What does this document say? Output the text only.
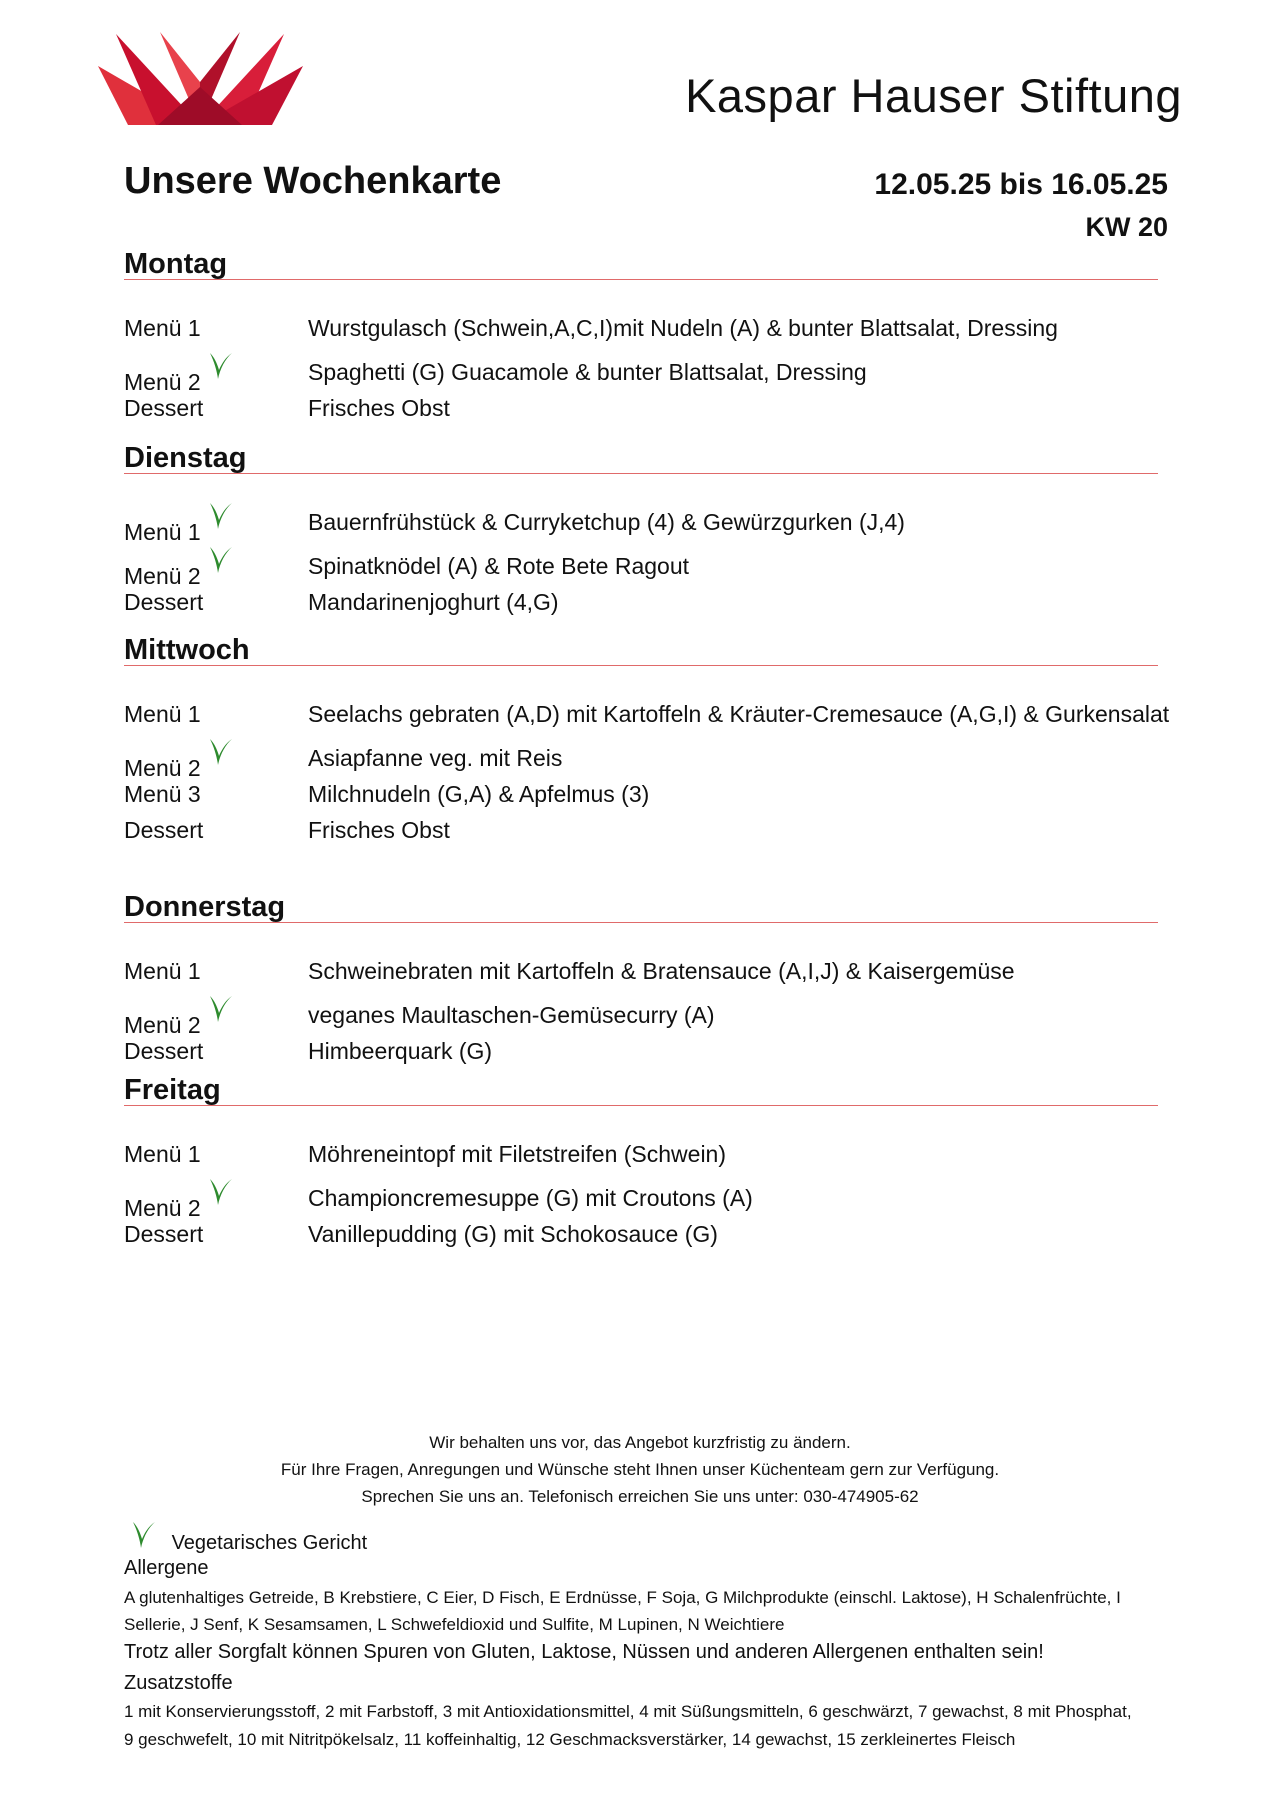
Kaspar Hauser Stiftung
Unsere Wochenkarte	12.05.25 bis 16.05.25
KW 20
Montag
Menü 1	Wurstgulasch (Schwein,A,C,I)mit Nudeln (A) & bunter Blattsalat, Dressing
Menü 2	Spaghetti (G) Guacamole & bunter Blattsalat, Dressing
Dessert	Frisches Obst
Dienstag
Menü 1	Bauernfrühstück & Curryketchup (4) & Gewürzgurken (J,4)
Menü 2	Spinatknödel (A) & Rote Bete Ragout
Dessert	Mandarinenjoghurt (4,G)
Mittwoch
Menü 1	Seelachs gebraten (A,D) mit Kartoffeln & Kräuter-Cremesauce (A,G,I) & Gurkensalat
Menü 2	Asiapfanne veg. mit Reis
Menü 3	Milchnudeln (G,A) & Apfelmus (3)
Dessert	Frisches Obst
Donnerstag
Menü 1	Schweinebraten mit Kartoffeln & Bratensauce (A,I,J) & Kaisergemüse
Menü 2	veganes Maultaschen-Gemüsecurry (A)
Dessert	Himbeerquark (G)
Freitag
Menü 1	Möhreneintopf mit Filetstreifen (Schwein)
Menü 2	Championcremesuppe (G) mit Croutons (A)
Dessert	Vanillepudding (G) mit Schokosauce (G)
Wir behalten uns vor, das Angebot kurzfristig zu ändern.
Für Ihre Fragen, Anregungen und Wünsche steht Ihnen unser Küchenteam gern zur Verfügung.
Sprechen Sie uns an. Telefonisch erreichen Sie uns unter: 030-474905-62
Vegetarisches Gericht
Allergene
A glutenhaltiges Getreide, B Krebstiere, C Eier, D Fisch, E Erdnüsse, F Soja, G Milchprodukte (einschl. Laktose), H Schalenfrüchte, I
Sellerie, J Senf, K Sesamsamen, L Schwefeldioxid und Sulfite, M Lupinen, N Weichtiere
Trotz aller Sorgfalt können Spuren von Gluten, Laktose, Nüssen und anderen Allergenen enthalten sein!
Zusatzstoffe
1 mit Konservierungsstoff, 2 mit Farbstoff, 3 mit Antioxidationsmittel, 4 mit Süßungsmitteln, 6 geschwärzt, 7 gewachst, 8 mit Phosphat,
9 geschwefelt, 10 mit Nitritpökelsalz, 11 koffeinhaltig, 12 Geschmacksverstärker, 14 gewachst, 15 zerkleinertes Fleisch
